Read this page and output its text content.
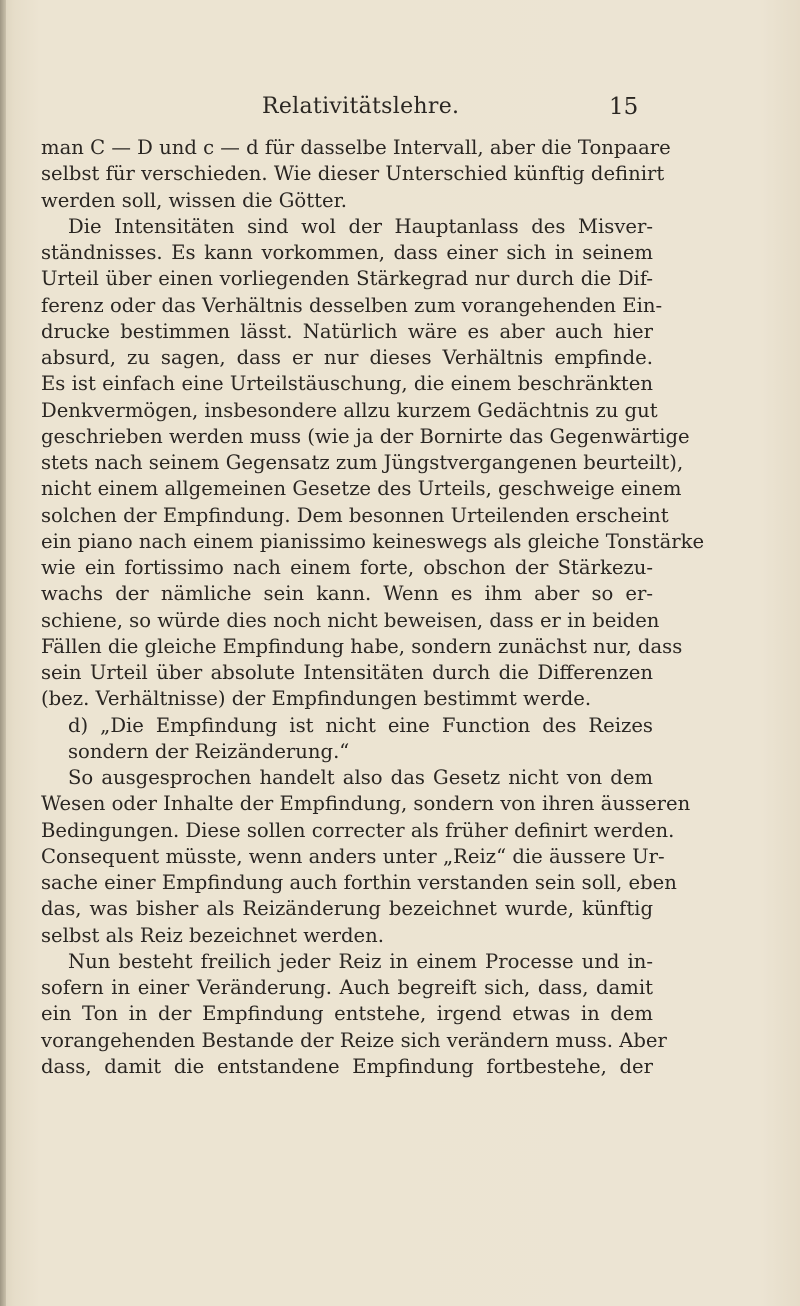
Relativitätslehre.	15
man C — D und c — d für dasselbe Intervall, aber die Tonpaare
selbst für verschieden. Wie dieser Unterschied künftig definirt
werden soll, wissen die Götter.
Die Intensitäten sind wol der Hauptanlass des Misver-
ständnisses. Es kann vorkommen, dass einer sich in seinem
Urteil über einen vorliegenden Stärkegrad nur durch die Dif-
ferenz oder das Verhältnis desselben zum vorangehenden Ein-
drucke bestimmen lässt. Natürlich wäre es aber auch hier
absurd, zu sagen, dass er nur dieses Verhältnis empfinde.
Es ist einfach eine Urteilstäuschung, die einem beschränkten
Denkvermögen, insbesondere allzu kurzem Gedächtnis zu gut
geschrieben werden muss (wie ja der Bornirte das Gegenwärtige
stets nach seinem Gegensatz zum Jüngstvergangenen beurteilt),
nicht einem allgemeinen Gesetze des Urteils, geschweige einem
solchen der Empfindung. Dem besonnen Urteilenden erscheint
ein piano nach einem pianissimo keineswegs als gleiche Tonstärke
wie ein fortissimo nach einem forte, obschon der Stärkezu-
wachs der nämliche sein kann. Wenn es ihm aber so er-
schiene, so würde dies noch nicht beweisen, dass er in beiden
Fällen die gleiche Empfindung habe, sondern zunächst nur, dass
sein Urteil über absolute Intensitäten durch die Differenzen
(bez. Verhältnisse) der Empfindungen bestimmt werde.
d) „Die Empfindung ist nicht eine Function des Reizes
sondern der Reizänderung.“
So ausgesprochen handelt also das Gesetz nicht von dem
Wesen oder Inhalte der Empfindung, sondern von ihren äusseren
Bedingungen. Diese sollen correcter als früher definirt werden.
Consequent müsste, wenn anders unter „Reiz“ die äussere Ur-
sache einer Empfindung auch forthin verstanden sein soll, eben
das, was bisher als Reizänderung bezeichnet wurde, künftig
selbst als Reiz bezeichnet werden.
Nun besteht freilich jeder Reiz in einem Processe und in-
sofern in einer Veränderung. Auch begreift sich, dass, damit
ein Ton in der Empfindung entstehe, irgend etwas in dem
vorangehenden Bestande der Reize sich verändern muss. Aber
dass, damit die entstandene Empfindung fortbestehe, der
